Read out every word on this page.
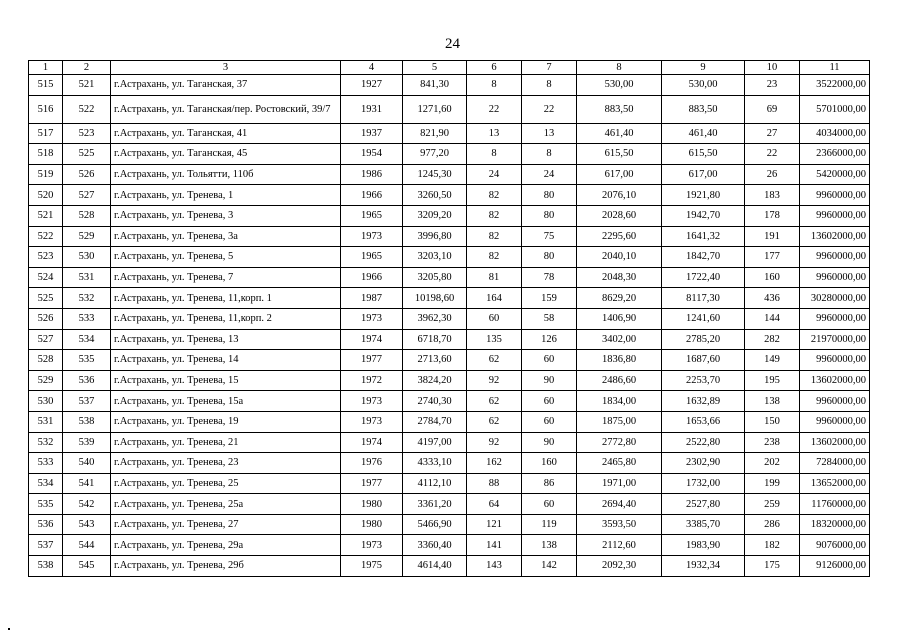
24
1	2	3	4	5	6	7	8	9	10	11
515	521	г.Астрахань, ул. Таганская, 37	1927	841,30	8	8	530,00	530,00	23	3522000,00
516	522	г.Астрахань, ул. Таганская/пер. Ростовский, 39/7	1931	1271,60	22	22	883,50	883,50	69	5701000,00
517	523	г.Астрахань, ул. Таганская, 41	1937	821,90	13	13	461,40	461,40	27	4034000,00
518	525	г.Астрахань, ул. Таганская, 45	1954	977,20	8	8	615,50	615,50	22	2366000,00
519	526	г.Астрахань, ул. Тольятти, 110б	1986	1245,30	24	24	617,00	617,00	26	5420000,00
520	527	г.Астрахань, ул. Тренева, 1	1966	3260,50	82	80	2076,10	1921,80	183	9960000,00
521	528	г.Астрахань, ул. Тренева, 3	1965	3209,20	82	80	2028,60	1942,70	178	9960000,00
522	529	г.Астрахань, ул. Тренева, 3а	1973	3996,80	82	75	2295,60	1641,32	191	13602000,00
523	530	г.Астрахань, ул. Тренева, 5	1965	3203,10	82	80	2040,10	1842,70	177	9960000,00
524	531	г.Астрахань, ул. Тренева, 7	1966	3205,80	81	78	2048,30	1722,40	160	9960000,00
525	532	г.Астрахань, ул. Тренева, 11,корп. 1	1987	10198,60	164	159	8629,20	8117,30	436	30280000,00
526	533	г.Астрахань, ул. Тренева, 11,корп. 2	1973	3962,30	60	58	1406,90	1241,60	144	9960000,00
527	534	г.Астрахань, ул. Тренева, 13	1974	6718,70	135	126	3402,00	2785,20	282	21970000,00
528	535	г.Астрахань, ул. Тренева, 14	1977	2713,60	62	60	1836,80	1687,60	149	9960000,00
529	536	г.Астрахань, ул. Тренева, 15	1972	3824,20	92	90	2486,60	2253,70	195	13602000,00
530	537	г.Астрахань, ул. Тренева, 15а	1973	2740,30	62	60	1834,00	1632,89	138	9960000,00
531	538	г.Астрахань, ул. Тренева, 19	1973	2784,70	62	60	1875,00	1653,66	150	9960000,00
532	539	г.Астрахань, ул. Тренева, 21	1974	4197,00	92	90	2772,80	2522,80	238	13602000,00
533	540	г.Астрахань, ул. Тренева, 23	1976	4333,10	162	160	2465,80	2302,90	202	7284000,00
534	541	г.Астрахань, ул. Тренева, 25	1977	4112,10	88	86	1971,00	1732,00	199	13652000,00
535	542	г.Астрахань, ул. Тренева, 25а	1980	3361,20	64	60	2694,40	2527,80	259	11760000,00
536	543	г.Астрахань, ул. Тренева, 27	1980	5466,90	121	119	3593,50	3385,70	286	18320000,00
537	544	г.Астрахань, ул. Тренева, 29а	1973	3360,40	141	138	2112,60	1983,90	182	9076000,00
538	545	г.Астрахань, ул. Тренева, 29б	1975	4614,40	143	142	2092,30	1932,34	175	9126000,00
